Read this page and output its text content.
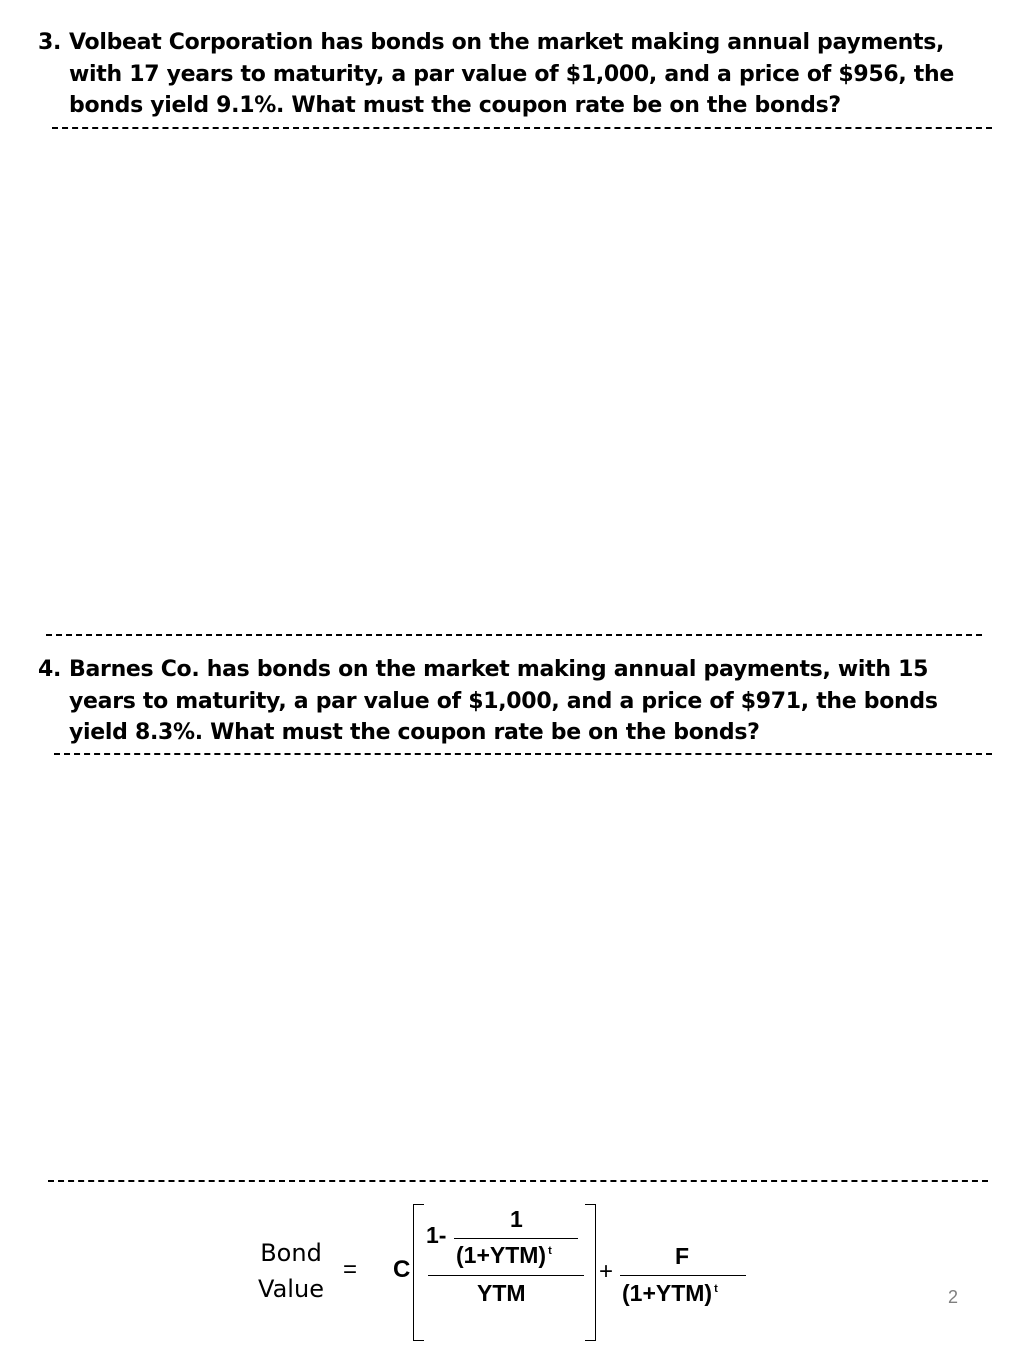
3. Volbeat Corporation has bonds on the market making annual payments, with 17 years to maturity, a par value of $1,000, and a price of $956, the bonds yield 9.1%. What must the coupon rate be on the bonds?
4. Barnes Co. has bonds on the market making annual payments, with 15 years to maturity, a par value of $1,000, and a price of $971, the bonds yield 8.3%. What must the coupon rate be on the bonds?
Bond
Value
= C
1-
1
(1+YTM) $^t$
YTM
+
F
(1+YTM) $^t$	2
